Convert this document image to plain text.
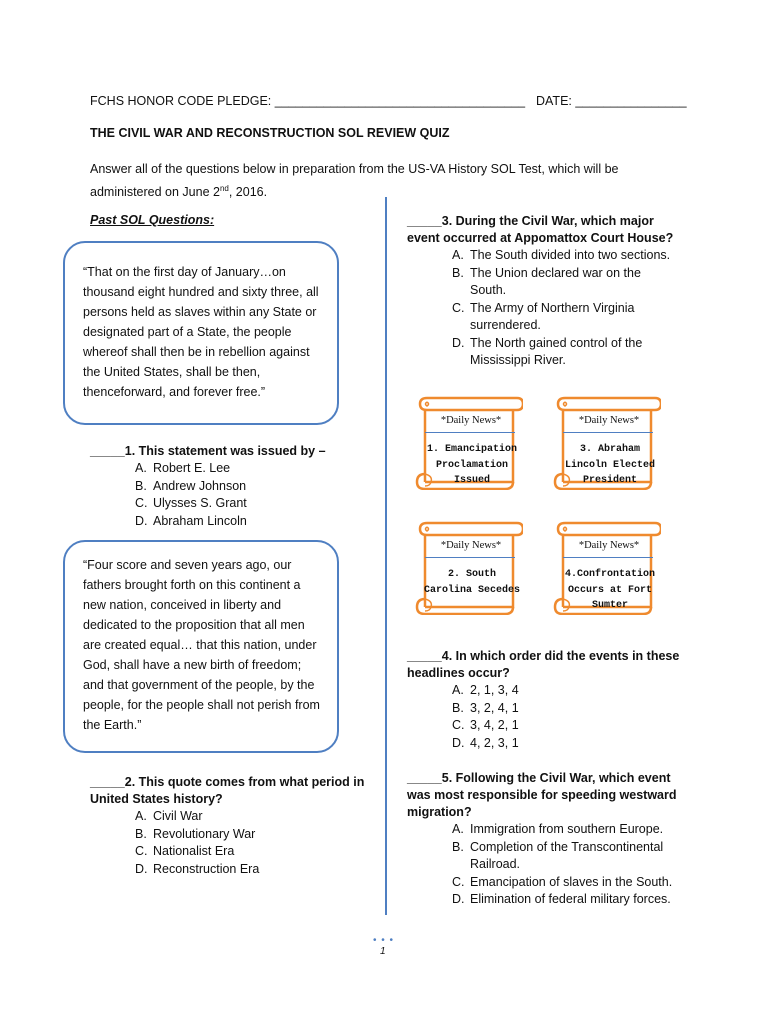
FCHS HONOR CODE PLEDGE: ____________________________________ DATE: ________________
THE CIVIL WAR AND RECONSTRUCTION SOL REVIEW QUIZ
Answer all of the questions below in preparation from the US-VA History SOL Test, which will be administered on June 2nd, 2016.
Past SOL Questions:

“That on the first day of January…on thousand eight hundred and sixty three, all persons held as slaves within any State or designated part of a State, the people whereof shall then be in rebellion against the United States, shall be then, thenceforward, and forever free.”

_____1. This statement was issued by –
A. Robert E. Lee
B. Andrew Johnson
C. Ulysses S. Grant
D. Abraham Lincoln

“Four score and seven years ago, our fathers brought forth on this continent a new nation, conceived in liberty and dedicated to the proposition that all men are created equal… that this nation, under God, shall have a new birth of freedom; and that government of the people, by the people, for the people shall not perish from the Earth.”

_____2. This quote comes from what period in United States history?
A. Civil War
B. Revolutionary War
C. Nationalist Era
D. Reconstruction Era
_____3. During the Civil War, which major event occurred at Appomattox Court House?
A. The South divided into two sections.
B. The Union declared war on the South.
C. The Army of Northern Virginia surrendered.
D. The North gained control of the Mississippi River.
*Daily News*
1. Emancipation Proclamation Issued
*Daily News*
3. Abraham Lincoln Elected President
*Daily News*
2. South Carolina Secedes
*Daily News*
4.Confrontation Occurs at Fort Sumter
_____4. In which order did the events in these headlines occur?
A. 2, 1, 3, 4
B. 3, 2, 4, 1
C. 3, 4, 2, 1
D. 4, 2, 3, 1
_____5. Following the Civil War, which event was most responsible for speeding westward migration?
A. Immigration from southern Europe.
B. Completion of the Transcontinental Railroad.
C. Emancipation of slaves in the South.
D. Elimination of federal military forces.
• • •
1
